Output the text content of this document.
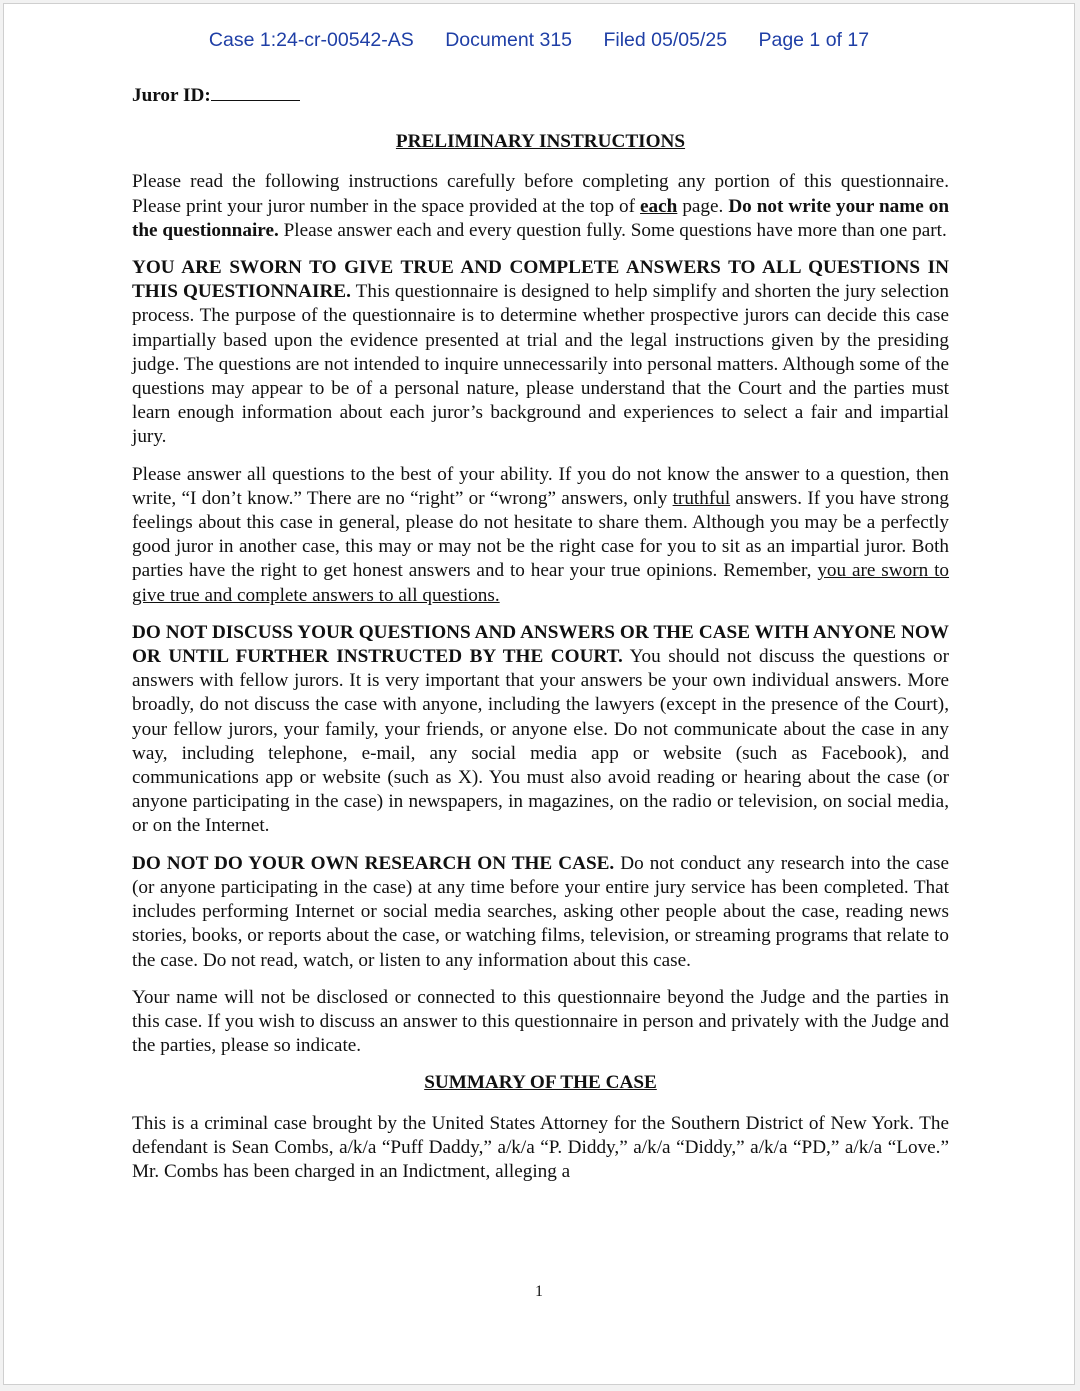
Case 1:24-cr-00542-AS Document 315 Filed 05/05/25 Page 1 of 17
Juror ID:
PRELIMINARY INSTRUCTIONS

Please read the following instructions carefully before completing any portion of this questionnaire. Please print your juror number in the space provided at the top of each page. Do not write your name on the questionnaire. Please answer each and every question fully. Some questions have more than one part.

YOU ARE SWORN TO GIVE TRUE AND COMPLETE ANSWERS TO ALL QUESTIONS IN THIS QUESTIONNAIRE. This questionnaire is designed to help simplify and shorten the jury selection process. The purpose of the questionnaire is to determine whether prospective jurors can decide this case impartially based upon the evidence presented at trial and the legal instructions given by the presiding judge. The questions are not intended to inquire unnecessarily into personal matters. Although some of the questions may appear to be of a personal nature, please understand that the Court and the parties must learn enough information about each juror’s background and experiences to select a fair and impartial jury.

Please answer all questions to the best of your ability. If you do not know the answer to a question, then write, “I don’t know.” There are no “right” or “wrong” answers, only truthful answers. If you have strong feelings about this case in general, please do not hesitate to share them. Although you may be a perfectly good juror in another case, this may or may not be the right case for you to sit as an impartial juror. Both parties have the right to get honest answers and to hear your true opinions. Remember, you are sworn to give true and complete answers to all questions.

DO NOT DISCUSS YOUR QUESTIONS AND ANSWERS OR THE CASE WITH ANYONE NOW OR UNTIL FURTHER INSTRUCTED BY THE COURT. You should not discuss the questions or answers with fellow jurors. It is very important that your answers be your own individual answers. More broadly, do not discuss the case with anyone, including the lawyers (except in the presence of the Court), your fellow jurors, your family, your friends, or anyone else. Do not communicate about the case in any way, including telephone, e-mail, any social media app or website (such as Facebook), and communications app or website (such as X). You must also avoid reading or hearing about the case (or anyone participating in the case) in newspapers, in magazines, on the radio or television, on social media, or on the Internet.

DO NOT DO YOUR OWN RESEARCH ON THE CASE. Do not conduct any research into the case (or anyone participating in the case) at any time before your entire jury service has been completed. That includes performing Internet or social media searches, asking other people about the case, reading news stories, books, or reports about the case, or watching films, television, or streaming programs that relate to the case. Do not read, watch, or listen to any information about this case.

Your name will not be disclosed or connected to this questionnaire beyond the Judge and the parties in this case. If you wish to discuss an answer to this questionnaire in person and privately with the Judge and the parties, please so indicate.

SUMMARY OF THE CASE

This is a criminal case brought by the United States Attorney for the Southern District of New York. The defendant is Sean Combs, a/k/a “Puff Daddy,” a/k/a “P. Diddy,” a/k/a “Diddy,” a/k/a “PD,” a/k/a “Love.” Mr. Combs has been charged in an Indictment, alleging a

1
